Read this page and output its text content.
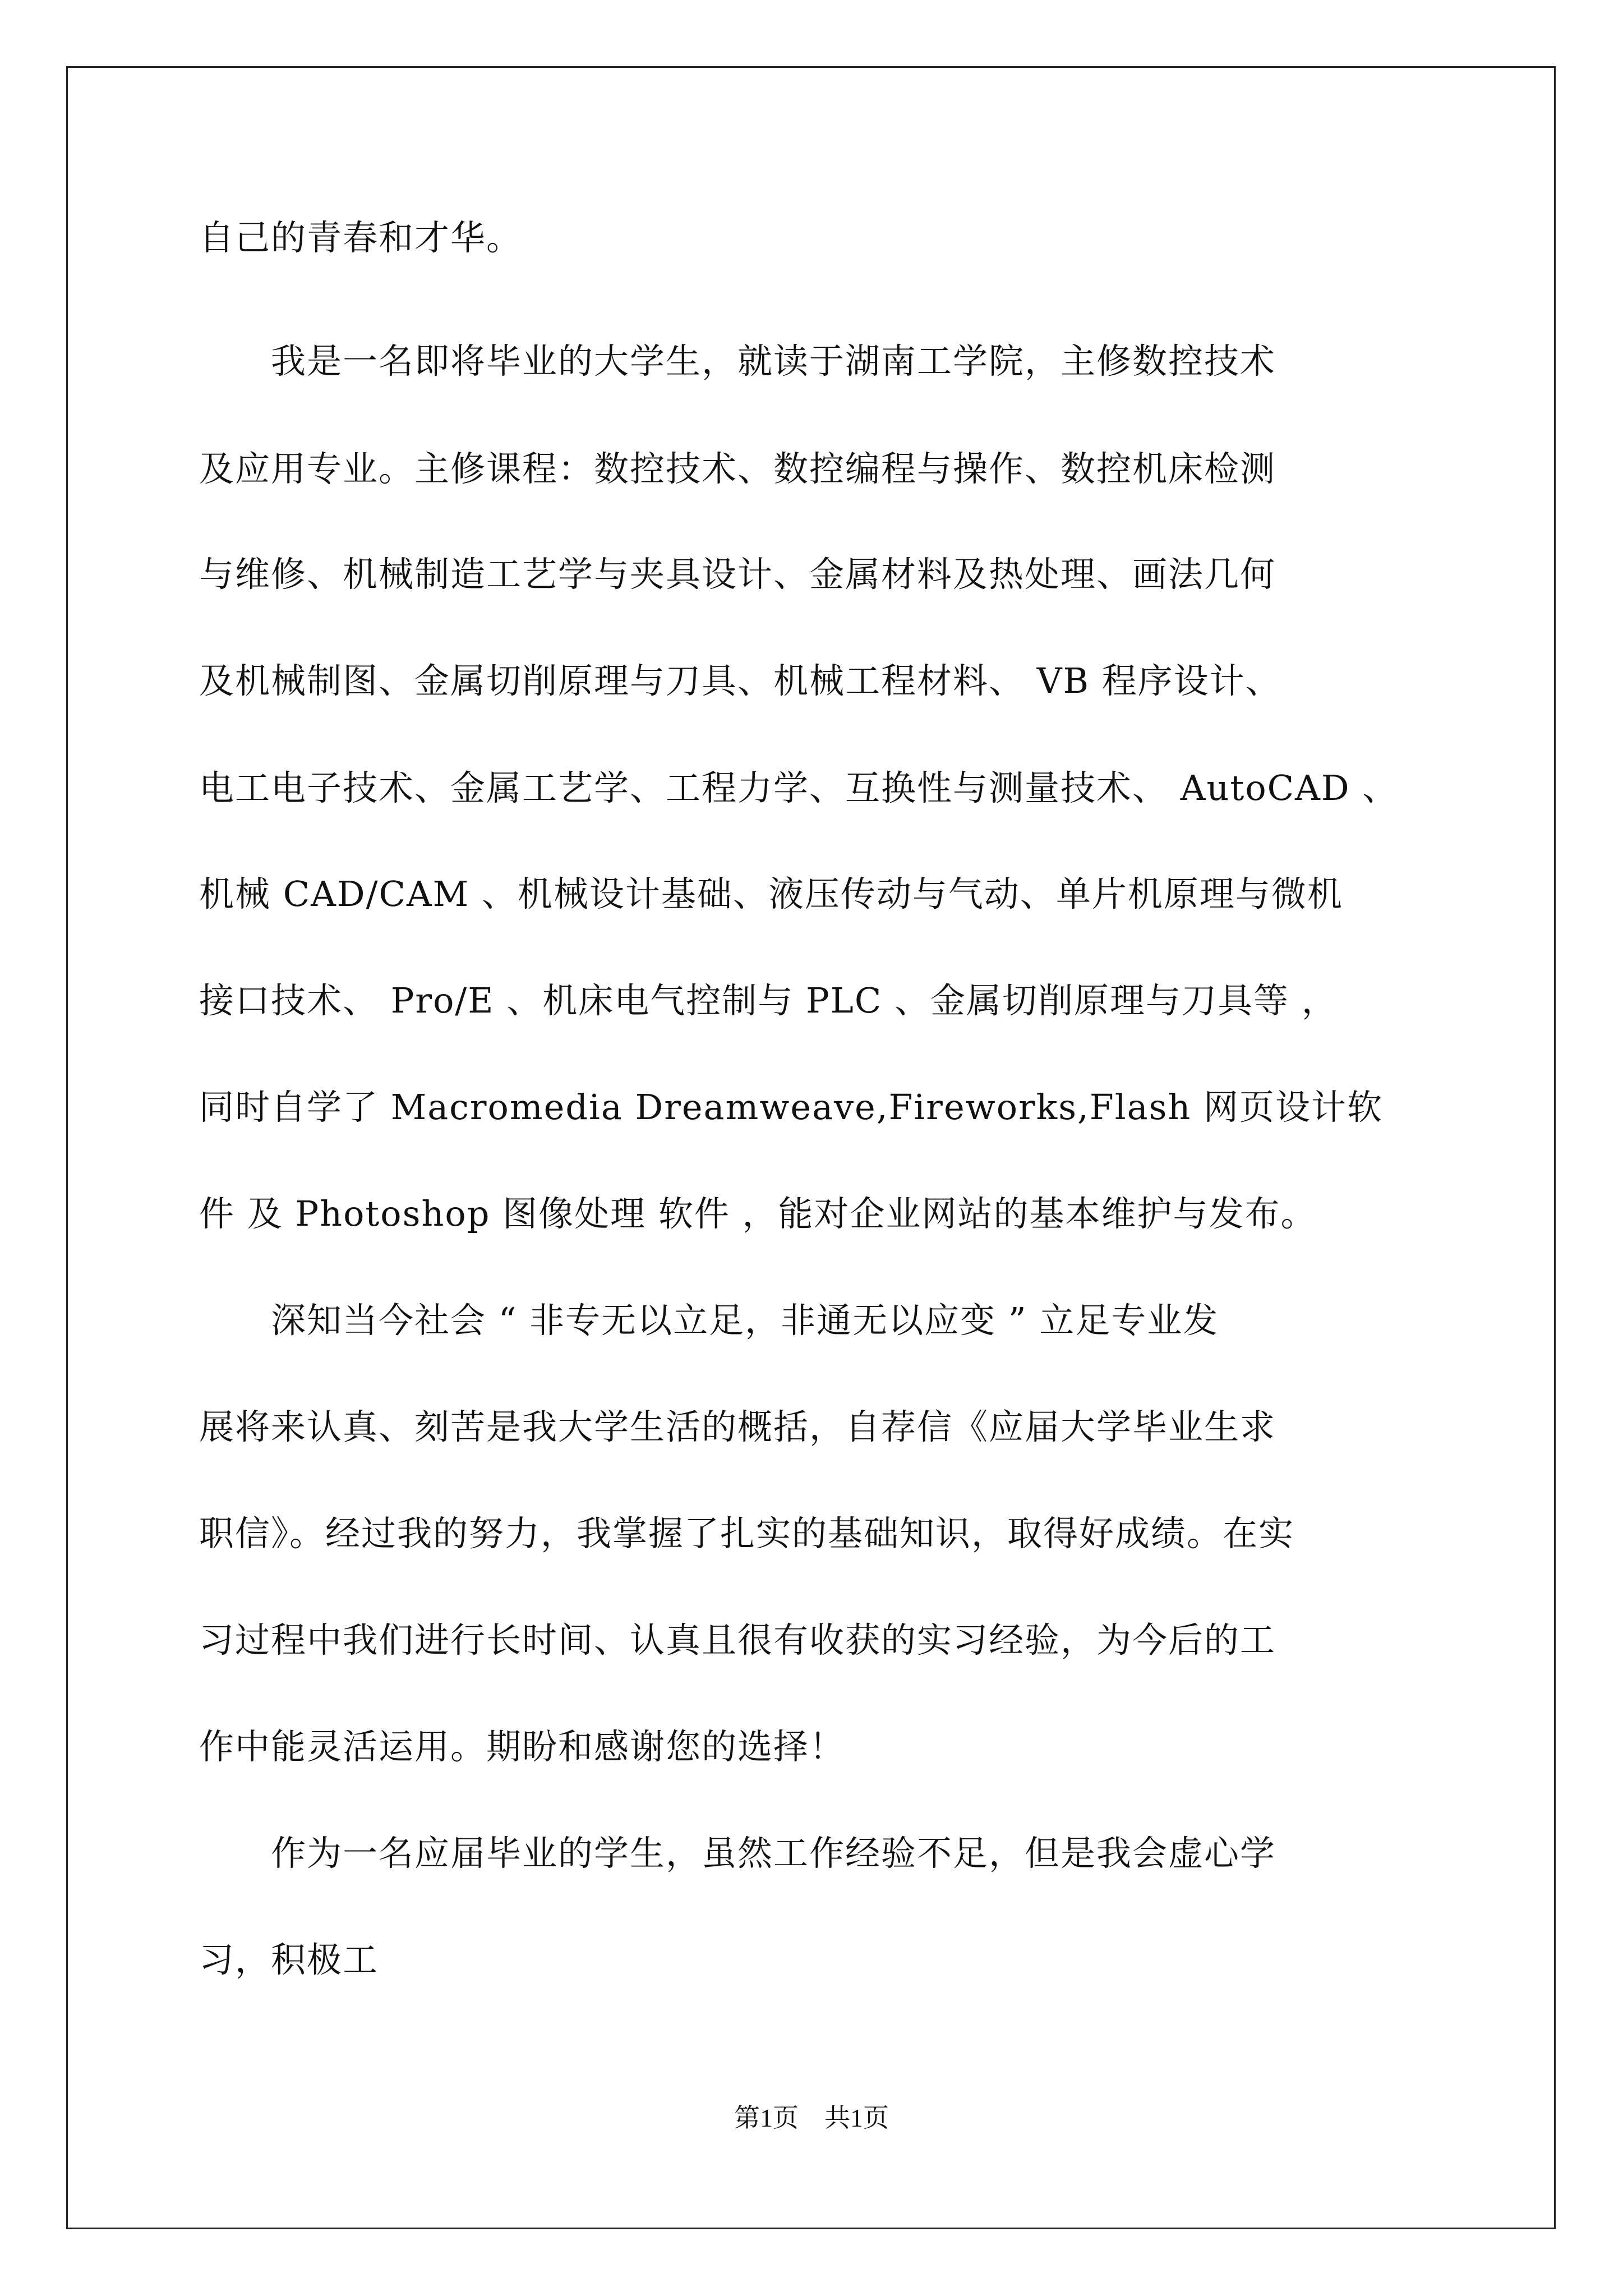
自己的青春和才华。
　　我是一名即将毕业的大学生，就读于湖南工学院，主修数控技术
及应用专业。主修课程：数控技术、数控编程与操作、数控机床检测
与维修、机械制造工艺学与夹具设计、金属材料及热处理、画法几何
及机械制图、金属切削原理与刀具、机械工程材料、 VB 程序设计、
电工电子技术、金属工艺学、工程力学、互换性与测量技术、 AutoCAD 、
机械 CAD/CAM 、机械设计基础、液压传动与气动、单片机原理与微机
接口技术、 Pro/E 、机床电气控制与 PLC 、金属切削原理与刀具等 ，
同时自学了 Macromedia Dreamweave,Fireworks,Flash 网页设计软
件 及 Photoshop 图像处理 软件 ，能对企业网站的基本维护与发布。
　　深知当今社会 “ 非专无以立足，非通无以应变 ” 立足专业发
展将来认真、刻苦是我大学生活的概括，自荐信《应届大学毕业生求
职信》。经过我的努力，我掌握了扎实的基础知识，取得好成绩。在实
习过程中我们进行长时间、认真且很有收获的实习经验，为今后的工
作中能灵活运用。期盼和感谢您的选择！
　　作为一名应届毕业的学生，虽然工作经验不足，但是我会虚心学
习，积极工
第1页 共1页
